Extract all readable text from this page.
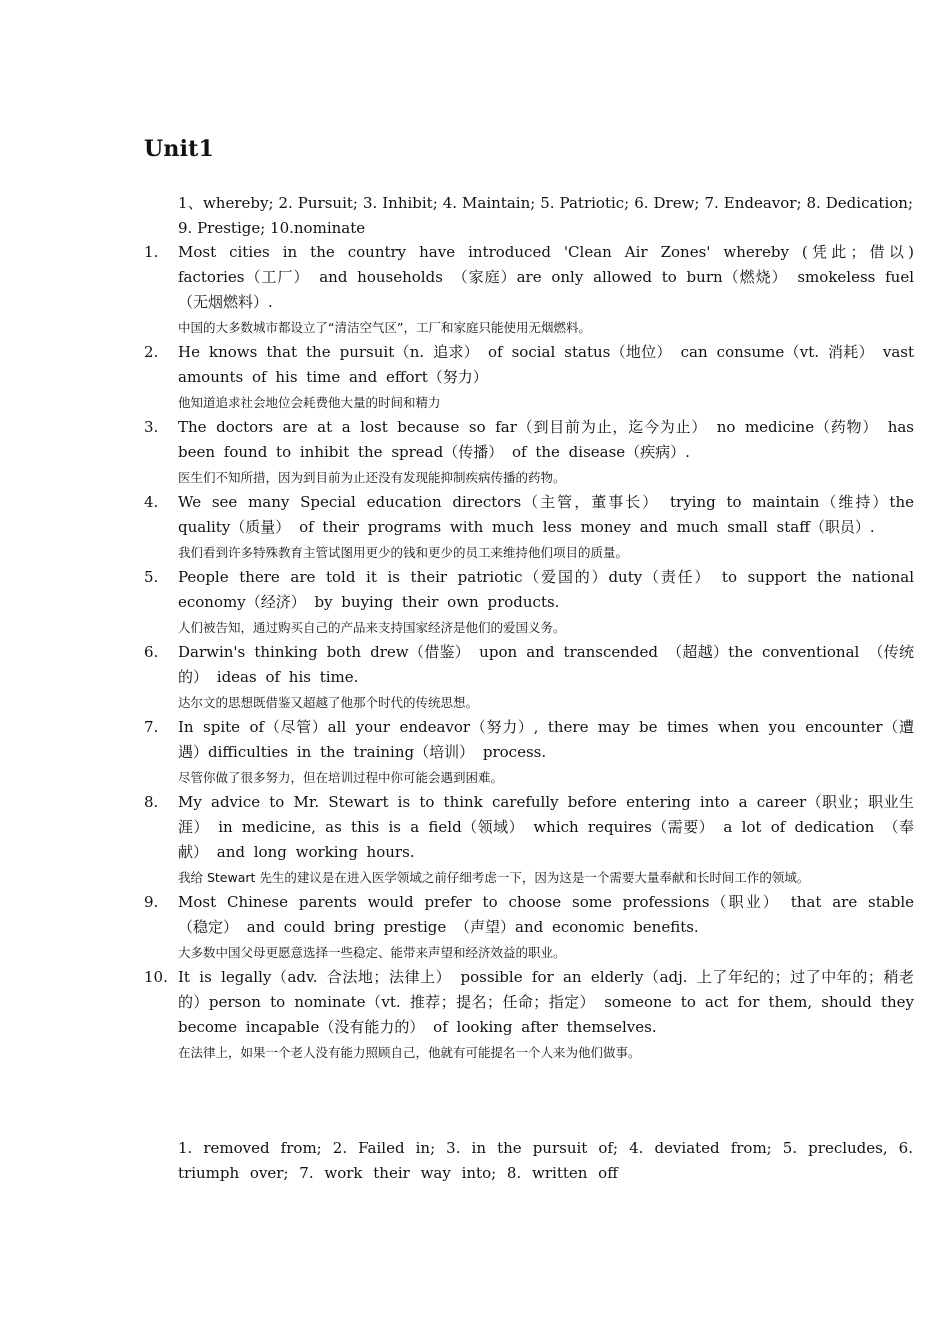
Unit1
1、whereby; 2. Pursuit; 3. Inhibit; 4. Maintain; 5. Patriotic; 6. Drew; 7. Endeavor; 8. Dedication; 9. Prestige; 10.nominate
1.	Most cities in the country have introduced 'Clean Air Zones' whereby (凭此；借以) factories（工厂） and households （家庭）are only allowed to burn（燃烧） smokeless fuel（无烟燃料）.
中国的大多数城市都设立了“清洁空气区”，工厂和家庭只能使用无烟燃料。
2.	He knows that the pursuit（n. 追求） of social status（地位） can consume（vt. 消耗） vast amounts of his time and effort（努力）
他知道追求社会地位会耗费他大量的时间和精力
3.	The doctors are at a lost because so far（到目前为止，迄今为止） no medicine（药物） has been found to inhibit the spread（传播） of the disease（疾病）.
医生们不知所措，因为到目前为止还没有发现能抑制疾病传播的药物。
4.	We see many Special education directors（主管，董事长） trying to maintain（维持）the quality（质量） of their programs with much less money and much small staff（职员）.
我们看到许多特殊教育主管试图用更少的钱和更少的员工来维持他们项目的质量。
5.	People there are told it is their patriotic（爱国的）duty（责任） to support the national economy（经济） by buying their own products.
人们被告知，通过购买自己的产品来支持国家经济是他们的爱国义务。
6.	Darwin's thinking both drew（借鉴） upon and transcended （超越）the conventional （传统的） ideas of his time.
达尔文的思想既借鉴又超越了他那个时代的传统思想。
7.	In spite of（尽管）all your endeavor（努力）, there may be times when you encounter（遭遇）difficulties in the training（培训） process.
尽管你做了很多努力，但在培训过程中你可能会遇到困难。
8.	My advice to Mr. Stewart is to think carefully before entering into a career（职业；职业生涯） in medicine, as this is a field（领域） which requires（需要） a lot of dedication （奉献） and long working hours.
我给 Stewart 先生的建议是在进入医学领域之前仔细考虑一下，因为这是一个需要大量奉献和长时间工作的领域。
9.	Most Chinese parents would prefer to choose some professions（职业） that are stable （稳定） and could bring prestige （声望）and economic benefits.
大多数中国父母更愿意选择一些稳定、能带来声望和经济效益的职业。
10. It is legally（adv. 合法地；法律上） possible for an elderly（adj. 上了年纪的；过了中年的；稍老的）person to nominate（vt. 推荐；提名；任命；指定） someone to act for them, should they become incapable（没有能力的） of looking after themselves.
在法律上，如果一个老人没有能力照顾自己，他就有可能提名一个人来为他们做事。
1. removed from; 2. Failed in; 3. in the pursuit of; 4. deviated from; 5. precludes, 6. triumph over; 7. work their way into; 8. written off
